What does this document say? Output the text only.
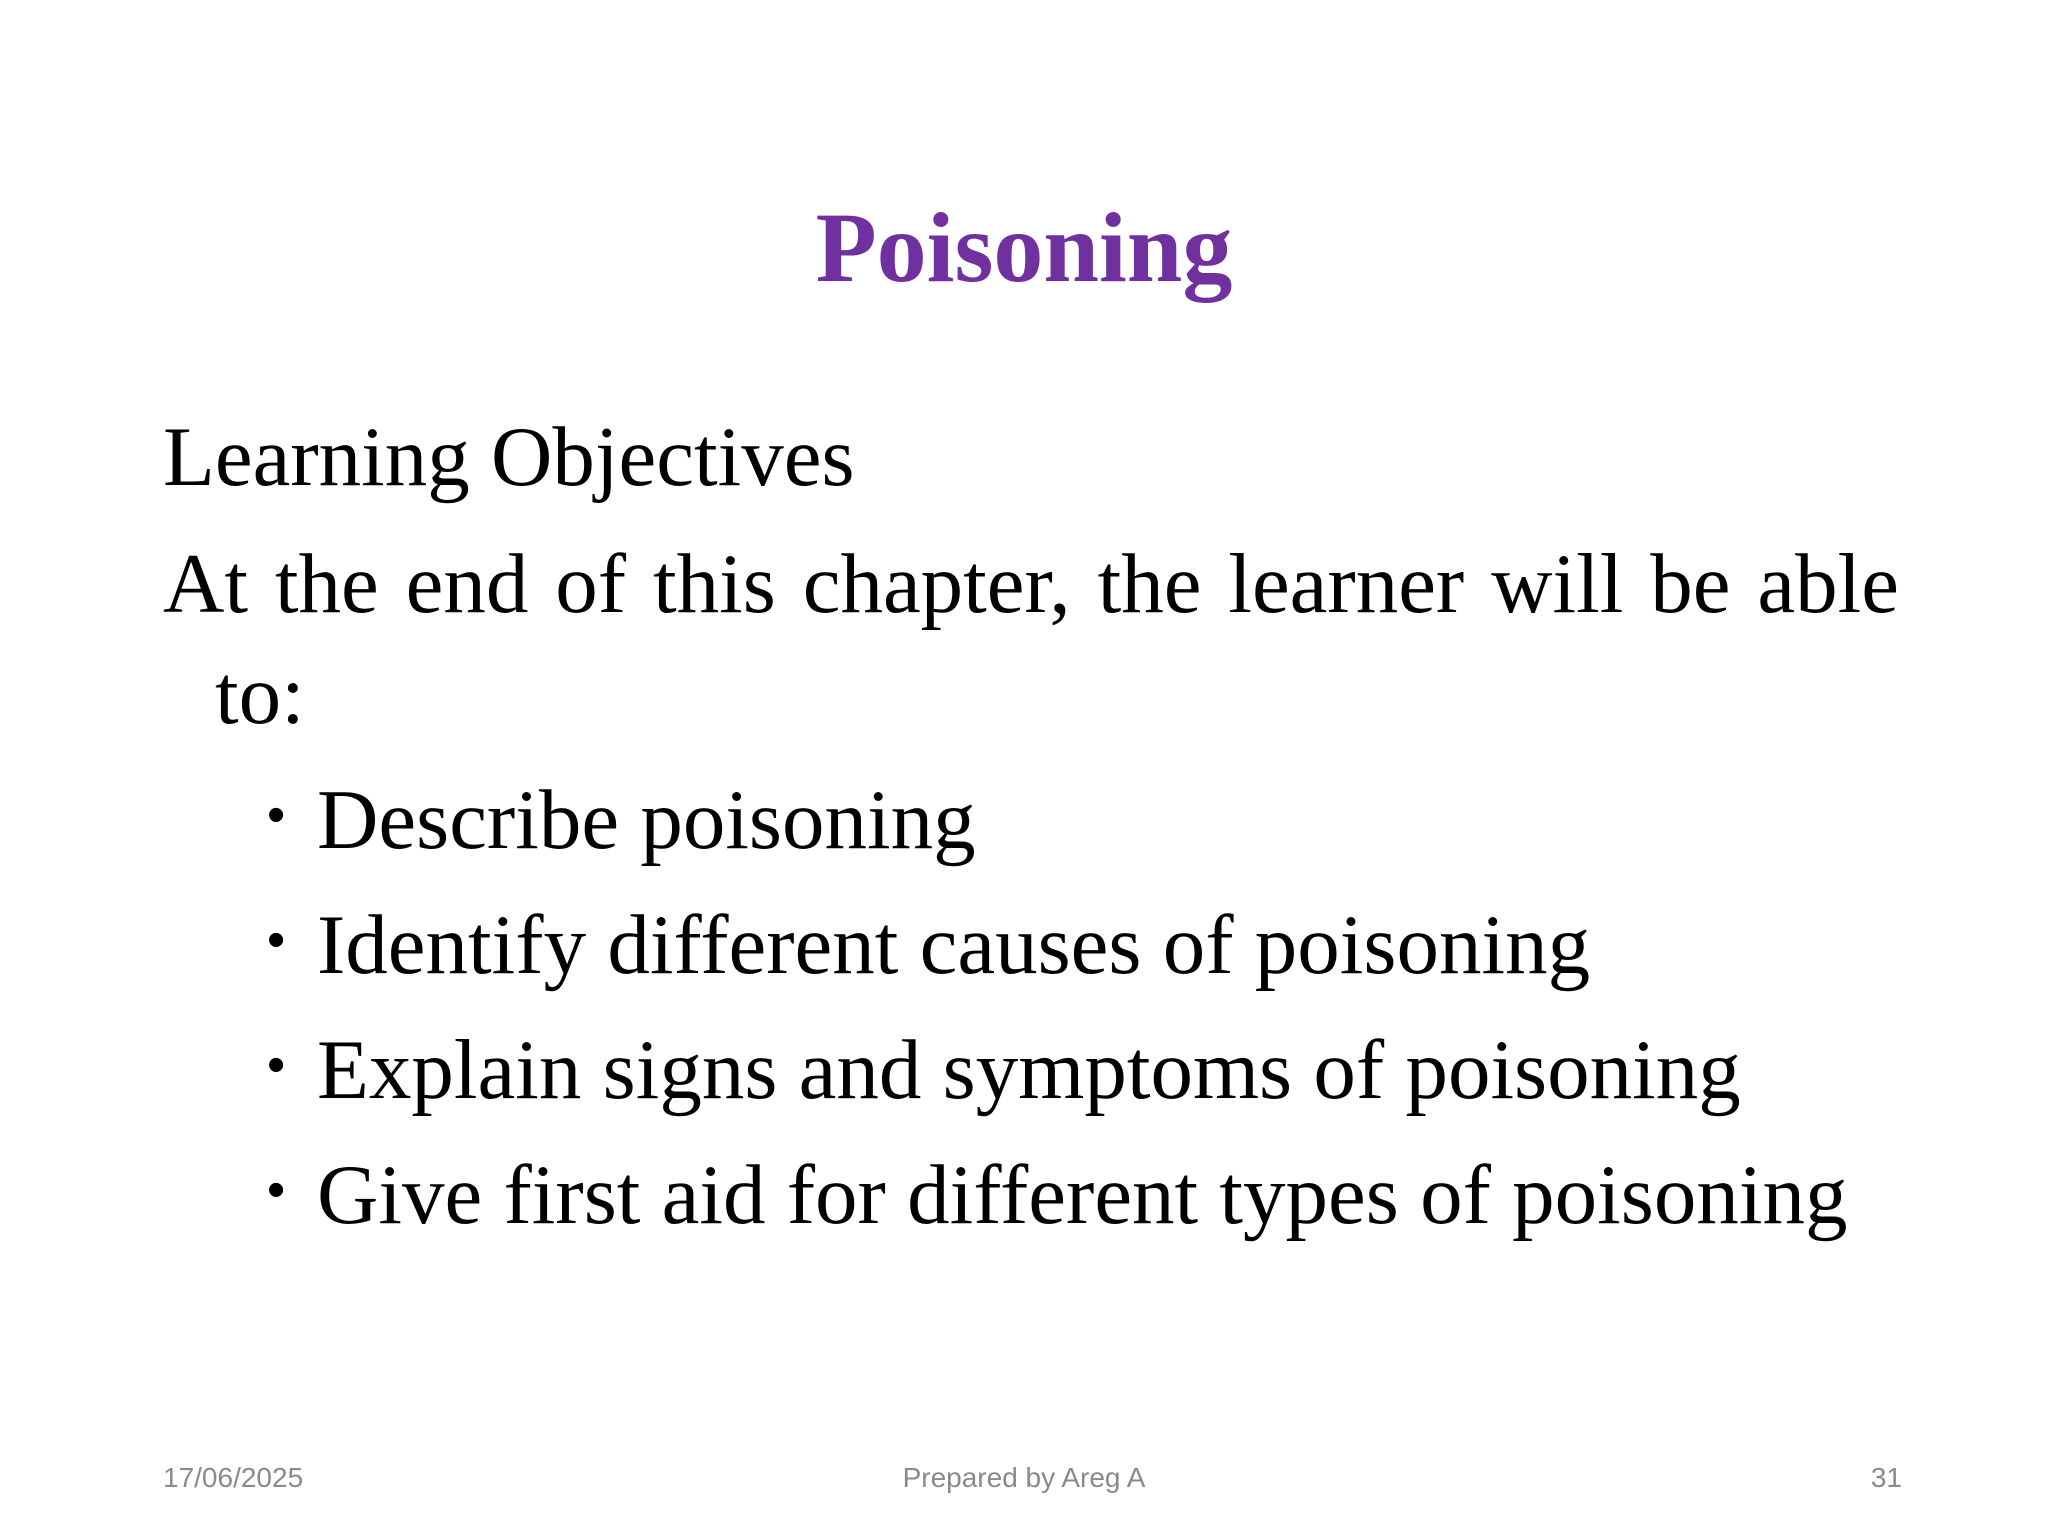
Poisoning

Learning Objectives

At the end of this chapter, the learner will be able to:

• Describe poisoning
• Identify different causes of poisoning
• Explain signs and symptoms of poisoning
• Give first aid for different types of poisoning
17/06/2025	Prepared by Areg A	31
